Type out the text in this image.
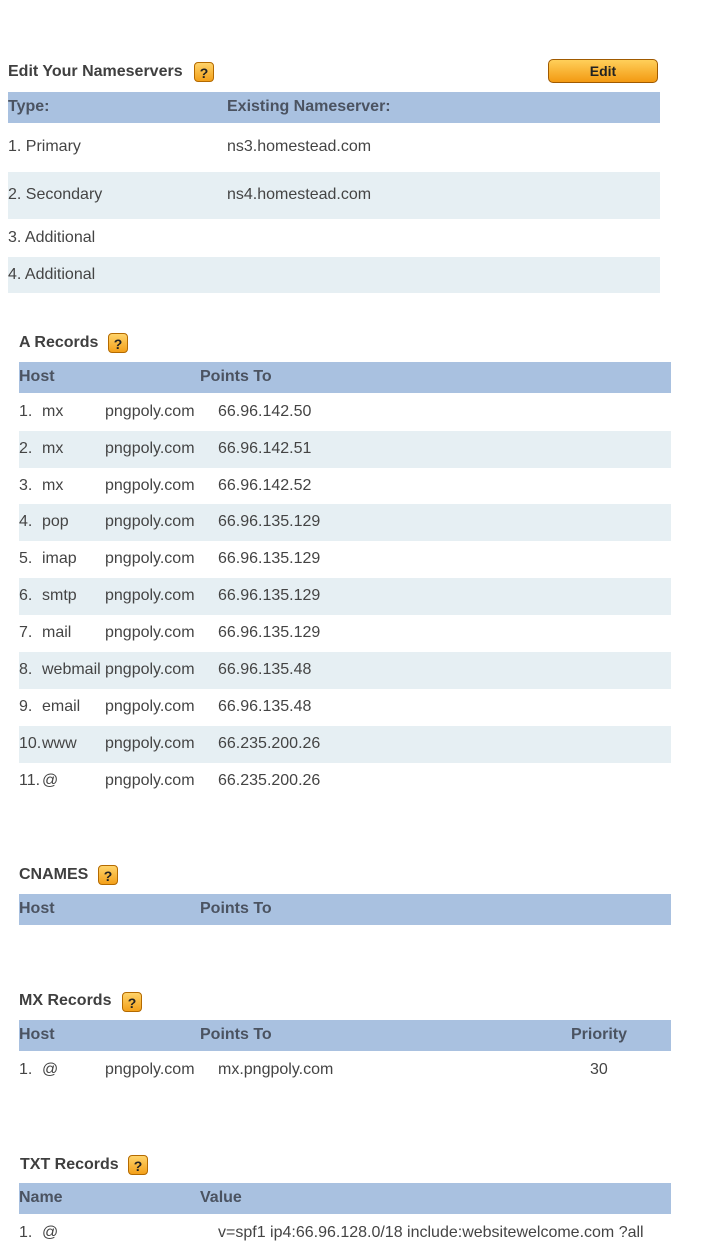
Edit Your Nameservers	?	Edit
Type:	Existing Nameserver:
1. Primary	ns3.homestead.com
2. Secondary	ns4.homestead.com
3. Additional
4. Additional
A Records	?
Host	Points To
1. mx	pngpoly.com 66.96.142.50
2. mx	pngpoly.com 66.96.142.51
3. mx	pngpoly.com 66.96.142.52
4. pop pngpoly.com 66.96.135.129
5. imap pngpoly.com 66.96.135.129
6. smtp pngpoly.com 66.96.135.129
7. mail pngpoly.com 66.96.135.129
8. webmail pngpoly.com 66.96.135.48
9. email pngpoly.com 66.96.135.48
10. www pngpoly.com 66.235.200.26
11. @	pngpoly.com 66.235.200.26
CNAMES	?
Host	Points To
MX Records	?
Host	Points To	Priority
1. @	pngpoly.com mx.pngpoly.com	30
TXT Records	?
Name	Value
1. @	v=spf1 ip4:66.96.128.0/18 include:websitewelcome.com ?all
